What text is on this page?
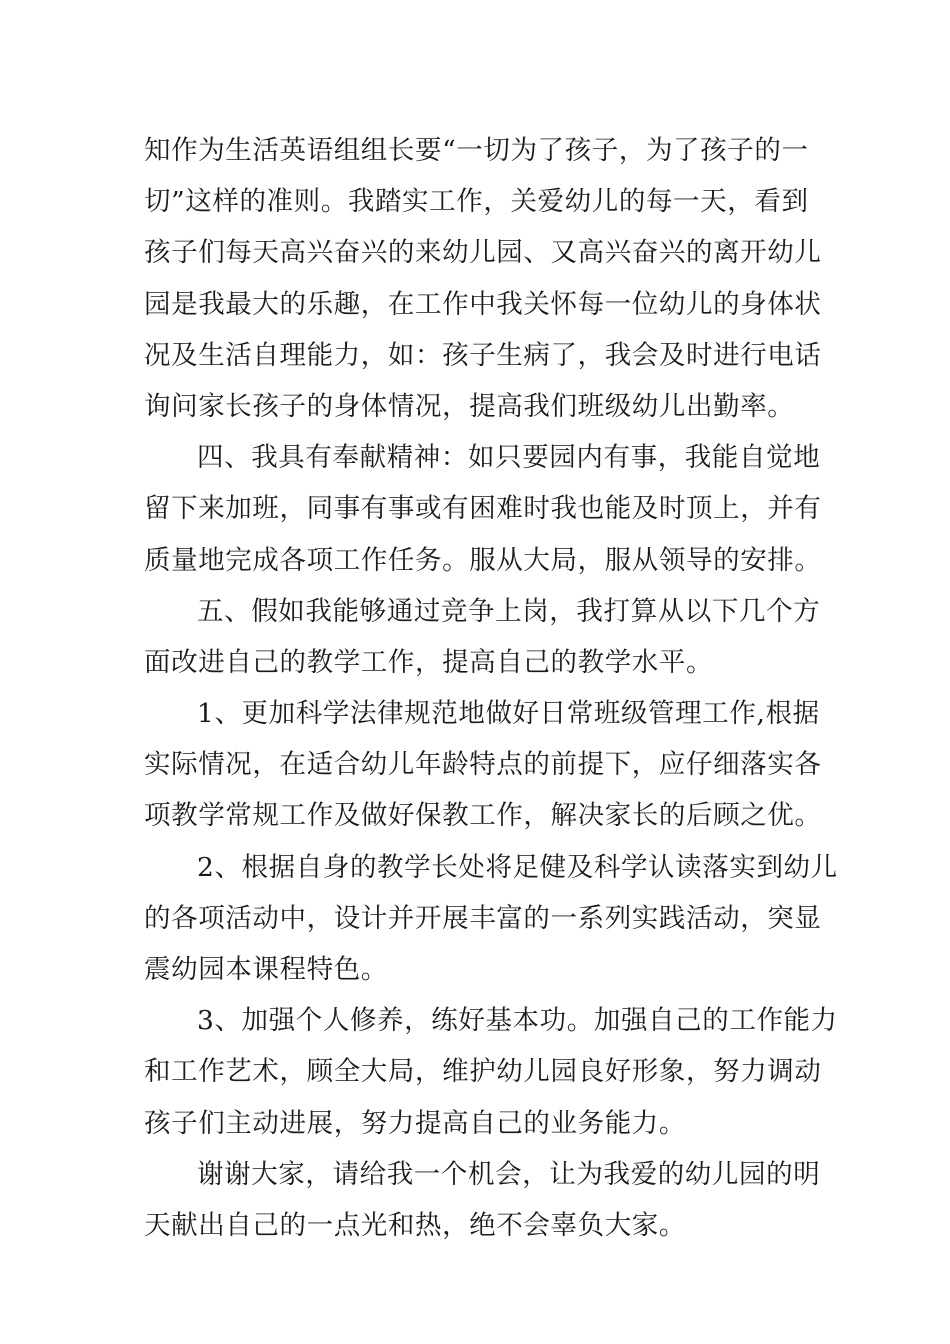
知作为生活英语组组长要“一切为了孩子，为了孩子的一
切”这样的准则。我踏实工作，关爱幼儿的每一天，看到
孩子们每天高兴奋兴的来幼儿园、又高兴奋兴的离开幼儿
园是我最大的乐趣，在工作中我关怀每一位幼儿的身体状
况及生活自理能力，如：孩子生病了，我会及时进行电话
询问家长孩子的身体情况，提高我们班级幼儿出勤率。
四、我具有奉献精神：如只要园内有事，我能自觉地
留下来加班，同事有事或有困难时我也能及时顶上，并有
质量地完成各项工作任务。服从大局，服从领导的安排。
五、假如我能够通过竞争上岗，我打算从以下几个方
面改进自己的教学工作，提高自己的教学水平。
1、更加科学法律规范地做好日常班级管理工作,根据
实际情况，在适合幼儿年龄特点的前提下，应仔细落实各
项教学常规工作及做好保教工作，解决家长的后顾之优。
2、根据自身的教学长处将足健及科学认读落实到幼儿
的各项活动中，设计并开展丰富的一系列实践活动，突显
震幼园本课程特色。
3、加强个人修养，练好基本功。加强自己的工作能力
和工作艺术，顾全大局，维护幼儿园良好形象，努力调动
孩子们主动进展，努力提高自己的业务能力。
谢谢大家，请给我一个机会，让为我爱的幼儿园的明
天献出自己的一点光和热，绝不会辜负大家。
